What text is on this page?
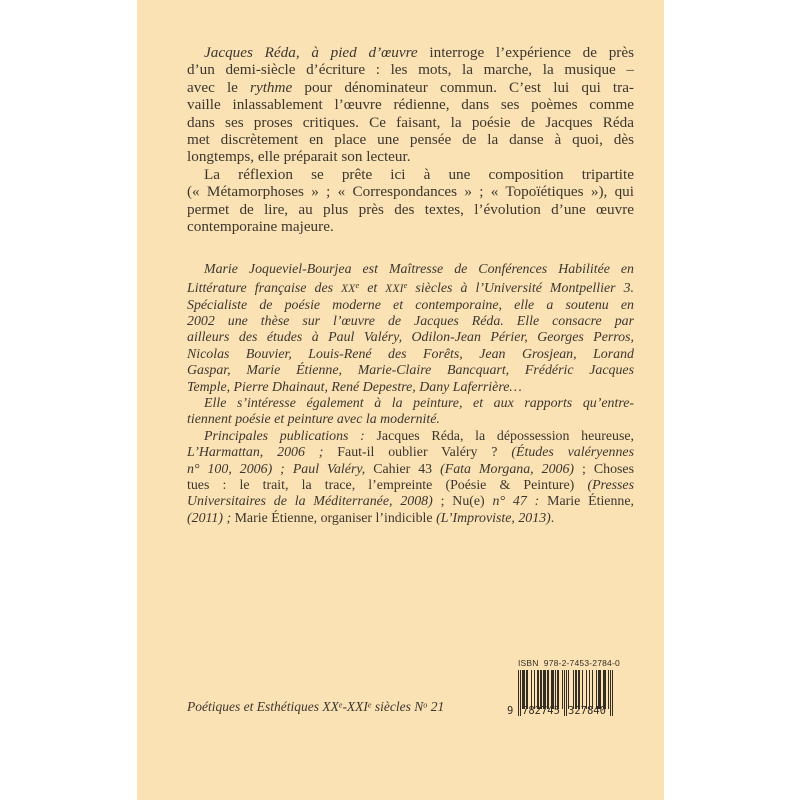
Jacques Réda, à pied d’œuvre interroge l’expérience de près
d’un demi-siècle d’écriture : les mots, la marche, la musique –
avec le rythme pour dénominateur commun. C’est lui qui tra-
vaille inlassablement l’œuvre rédienne, dans ses poèmes comme
dans ses proses critiques. Ce faisant, la poésie de Jacques Réda
met discrètement en place une pensée de la danse à quoi, dès
longtemps, elle préparait son lecteur.
La réflexion se prête ici à une composition tripartite
(« Métamorphoses » ; « Correspondances » ; « Topoïétiques »), qui
permet de lire, au plus près des textes, l’évolution d’une œuvre
contemporaine majeure.
Marie Joqueviel-Bourjea est Maîtresse de Conférences Habilitée en
Littérature française des XXe et XXIe siècles à l’Université Montpellier 3.
Spécialiste de poésie moderne et contemporaine, elle a soutenu en
2002 une thèse sur l’œuvre de Jacques Réda. Elle consacre par
ailleurs des études à Paul Valéry, Odilon-Jean Périer, Georges Perros,
Nicolas Bouvier, Louis-René des Forêts, Jean Grosjean, Lorand
Gaspar, Marie Étienne, Marie-Claire Bancquart, Frédéric Jacques
Temple, Pierre Dhainaut, René Depestre, Dany Laferrière…
Elle s’intéresse également à la peinture, et aux rapports qu’entre-
tiennent poésie et peinture avec la modernité.
Principales publications : Jacques Réda, la dépossession heureuse,
L’Harmattan, 2006 ; Faut-il oublier Valéry ? (Études valéryennes
n° 100, 2006) ; Paul Valéry, Cahier 43 (Fata Morgana, 2006) ; Choses
tues : le trait, la trace, l’empreinte (Poésie & Peinture) (Presses
Universitaires de la Méditerranée, 2008) ; Nu(e) n° 47 : Marie Étienne,
(2011) ; Marie Étienne, organiser l’indicible (L’Improviste, 2013).
Poétiques et Esthétiques XXe-XXIe siècles $N^o$ 21
ISBN  978-2-7453-2784-0
9 782745 327840
